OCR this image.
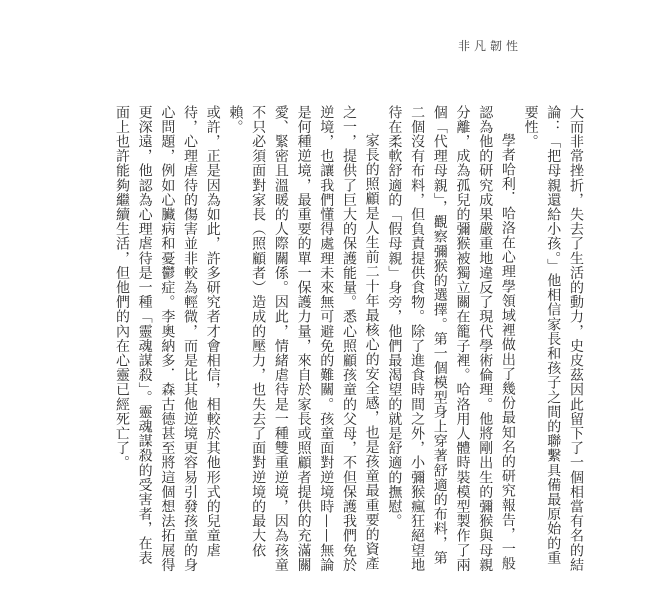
非凡韌性

大而非常挫折，失去了生活的動力，史皮茲因此留下了一個相當有名的結論：「把母親還給小孩。」他相信家長和孩子之間的聯繫具備最原始的重要性。

學者哈利．哈洛在心理學領域裡做出了幾份最知名的研究報告，一般認為他的研究成果嚴重地違反了現代學術倫理。他將剛出生的彌猴與母親分離，成為孤兒的彌猴被獨立關在籠子裡。哈洛用人體時裝模型製作了兩個「代理母親」，觀察彌猴的選擇。第一個模型身上穿著舒適的布料，第二個沒有布料，但負責提供食物。除了進食時間之外，小彌猴瘋狂絕望地待在柔軟舒適的「假母親」身旁，他們最渴望的就是舒適的撫慰。

家長的照顧是人生前二十年最核心的安全感，也是孩童最重要的資產之一，提供了巨大的保護能量。悉心照顧孩童的父母，不但保護我們免於逆境，也讓我們懂得處理未來無可避免的難關。孩童面對逆境時——無論是何種逆境，最重要的單一保護力量，來自於家長或照顧者提供的充滿關愛、緊密且溫暖的人際關係。因此，情緒虐待是一種雙重逆境，因為孩童不只必須面對家長（照顧者）造成的壓力，也失去了面對逆境的最大依賴。

或許，正是因為如此，許多研究者才會相信，相較於其他形式的兒童虐待，心理虐待的傷害並非較為輕微，而是比其他逆境更容易引發孩童的身心問題，例如心臟病和憂鬱症。李奧納多．森古德甚至將這個想法拓展得更深遠，他認為心理虐待是一種「靈魂謀殺」。靈魂謀殺的受害者，在表面上也許能夠繼續生活，但他們的內在心靈已經死亡了。
